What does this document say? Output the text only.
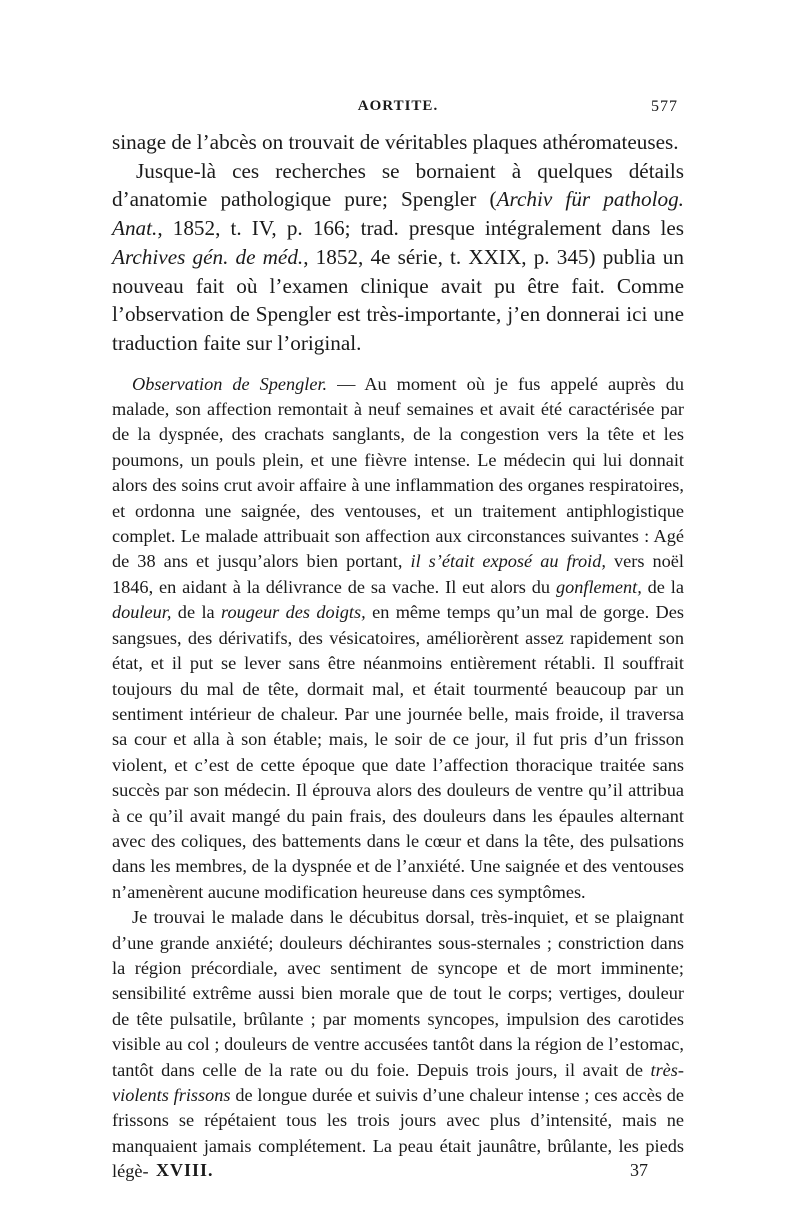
AORTITE.	577

sinage de l’abcès on trouvait de véritables plaques athéromateuses.

Jusque-là ces recherches se bornaient à quelques détails d’anatomie pathologique pure; Spengler (Archiv für patholog. Anat., 1852, t. IV, p. 166; trad. presque intégralement dans les Archives gén. de méd., 1852, 4e série, t. XXIX, p. 345) publia un nouveau fait où l’examen clinique avait pu être fait. Comme l’observation de Spengler est très-importante, j’en donnerai ici une traduction faite sur l’original.

Observation de Spengler. — Au moment où je fus appelé auprès du malade, son affection remontait à neuf semaines et avait été caractérisée par de la dyspnée, des crachats sanglants, de la congestion vers la tête et les poumons, un pouls plein, et une fièvre intense. Le médecin qui lui donnait alors des soins crut avoir affaire à une inflammation des organes respiratoires, et ordonna une saignée, des ventouses, et un traitement antiphlogistique complet. Le malade attribuait son affection aux circonstances suivantes : Agé de 38 ans et jusqu’alors bien portant, il s’était exposé au froid, vers noël 1846, en aidant à la délivrance de sa vache. Il eut alors du gonflement, de la douleur, de la rougeur des doigts, en même temps qu’un mal de gorge. Des sangsues, des dérivatifs, des vésicatoires, améliorèrent assez rapidement son état, et il put se lever sans être néanmoins entièrement rétabli. Il souffrait toujours du mal de tête, dormait mal, et était tourmenté beaucoup par un sentiment intérieur de chaleur. Par une journée belle, mais froide, il traversa sa cour et alla à son étable; mais, le soir de ce jour, il fut pris d’un frisson violent, et c’est de cette époque que date l’affection thoracique traitée sans succès par son médecin. Il éprouva alors des douleurs de ventre qu’il attribua à ce qu’il avait mangé du pain frais, des douleurs dans les épaules alternant avec des coliques, des battements dans le cœur et dans la tête, des pulsations dans les membres, de la dyspnée et de l’anxiété. Une saignée et des ventouses n’amenèrent aucune modification heureuse dans ces symptômes.

Je trouvai le malade dans le décubitus dorsal, très-inquiet, et se plaignant d’une grande anxiété; douleurs déchirantes sous-sternales ; constriction dans la région précordiale, avec sentiment de syncope et de mort imminente; sensibilité extrême aussi bien morale que de tout le corps; vertiges, douleur de tête pulsatile, brûlante ; par moments syncopes, impulsion des carotides visible au col ; douleurs de ventre accusées tantôt dans la région de l’estomac, tantôt dans celle de la rate ou du foie. Depuis trois jours, il avait de très-violents frissons de longue durée et suivis d’une chaleur intense ; ces accès de frissons se répétaient tous les trois jours avec plus d’intensité, mais ne manquaient jamais complétement. La peau était jaunâtre, brûlante, les pieds légè- XVIII.	37
